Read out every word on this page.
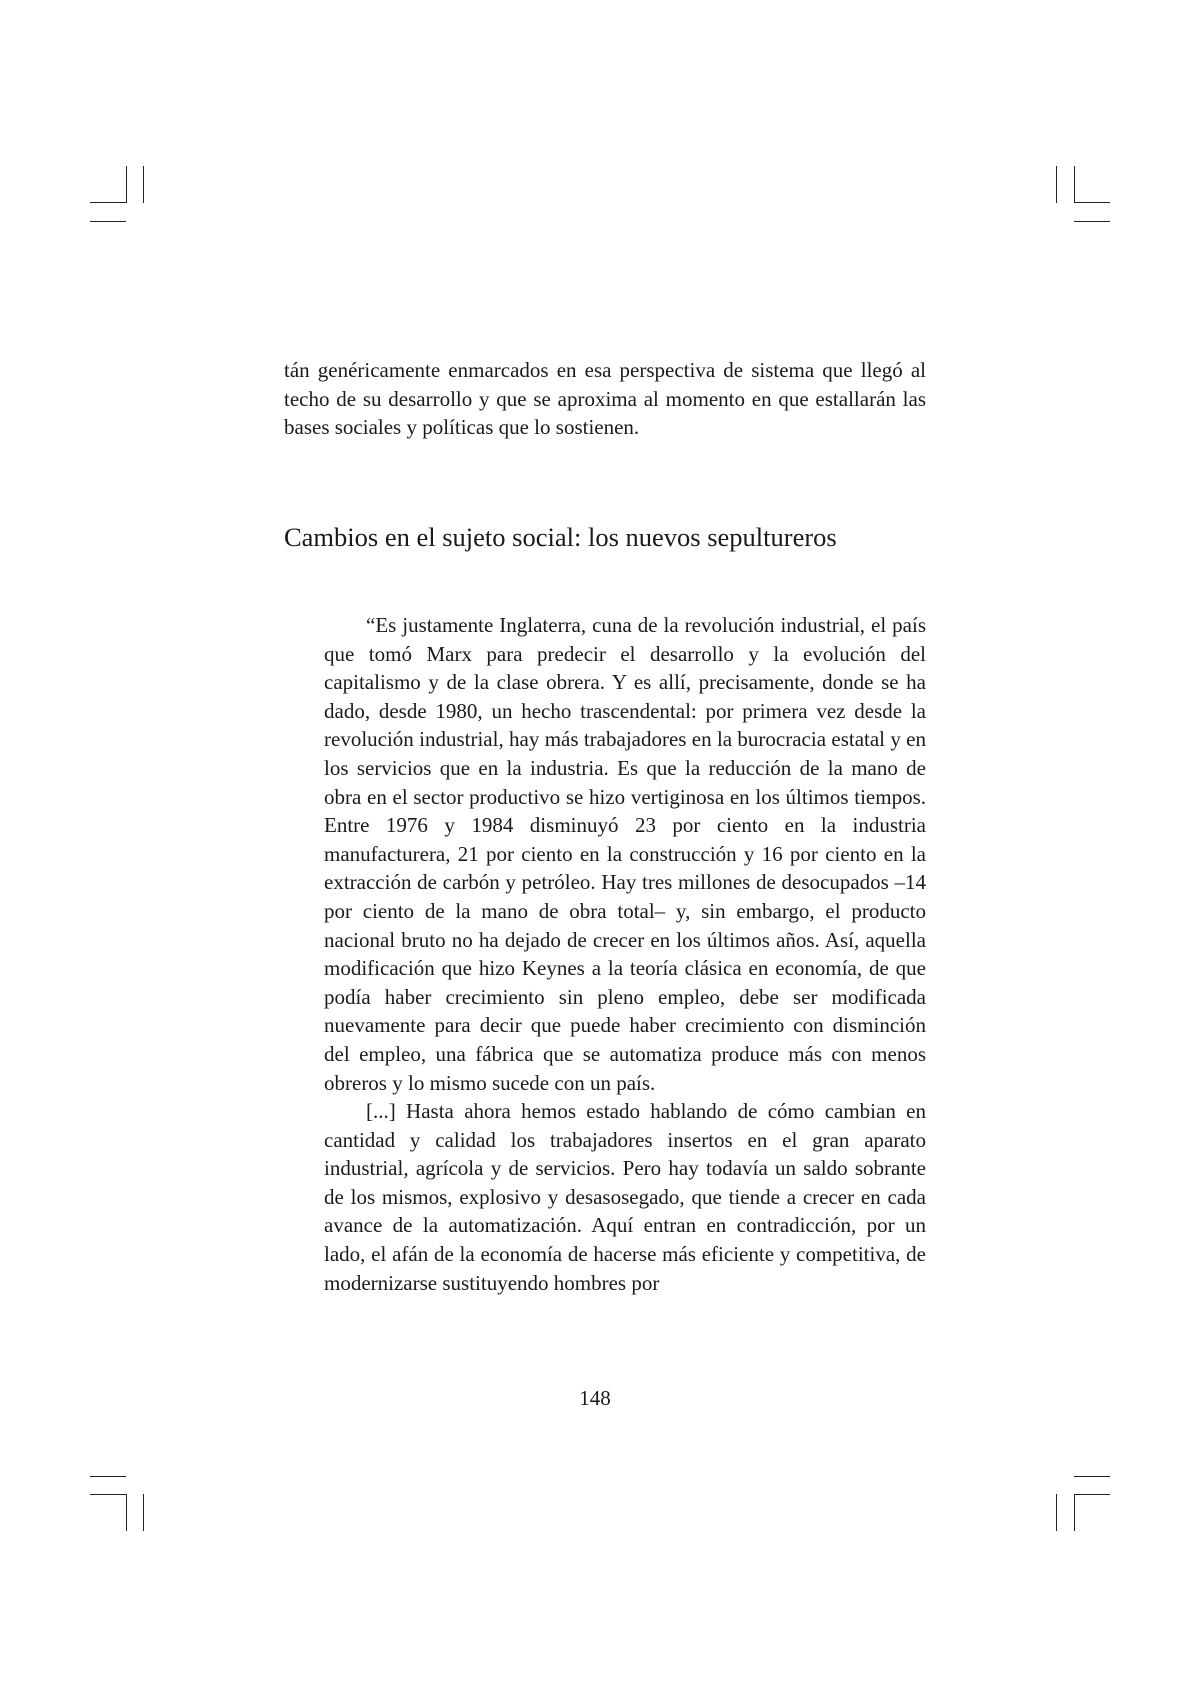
tán genéricamente enmarcados en esa perspectiva de sistema que llegó al techo de su desarrollo y que se aproxima al momento en que estallarán las bases sociales y políticas que lo sostienen.
Cambios en el sujeto social: los nuevos sepultureros

“Es justamente Inglaterra, cuna de la revolución industrial, el país que tomó Marx para predecir el desarrollo y la evolución del capitalismo y de la clase obrera. Y es allí, precisamente, donde se ha dado, desde 1980, un hecho trascendental: por primera vez desde la revolución industrial, hay más trabajadores en la burocracia estatal y en los servicios que en la industria. Es que la reducción de la mano de obra en el sector productivo se hizo vertiginosa en los últimos tiempos. Entre 1976 y 1984 disminuyó 23 por ciento en la industria manufacturera, 21 por ciento en la construcción y 16 por ciento en la extracción de carbón y petróleo. Hay tres millones de desocupados –14 por ciento de la mano de obra total– y, sin embargo, el producto nacional bruto no ha dejado de crecer en los últimos años. Así, aquella modificación que hizo Keynes a la teoría clásica en economía, de que podía haber crecimiento sin pleno empleo, debe ser modificada nuevamente para decir que puede haber crecimiento con disminción del empleo, una fábrica que se automatiza produce más con menos obreros y lo mismo sucede con un país.

[...] Hasta ahora hemos estado hablando de cómo cambian en cantidad y calidad los trabajadores insertos en el gran aparato industrial, agrícola y de servicios. Pero hay todavía un saldo sobrante de los mismos, explosivo y desasosegado, que tiende a crecer en cada avance de la automatización. Aquí entran en contradicción, por un lado, el afán de la economía de hacerse más eficiente y competitiva, de modernizarse sustituyendo hombres por

148
